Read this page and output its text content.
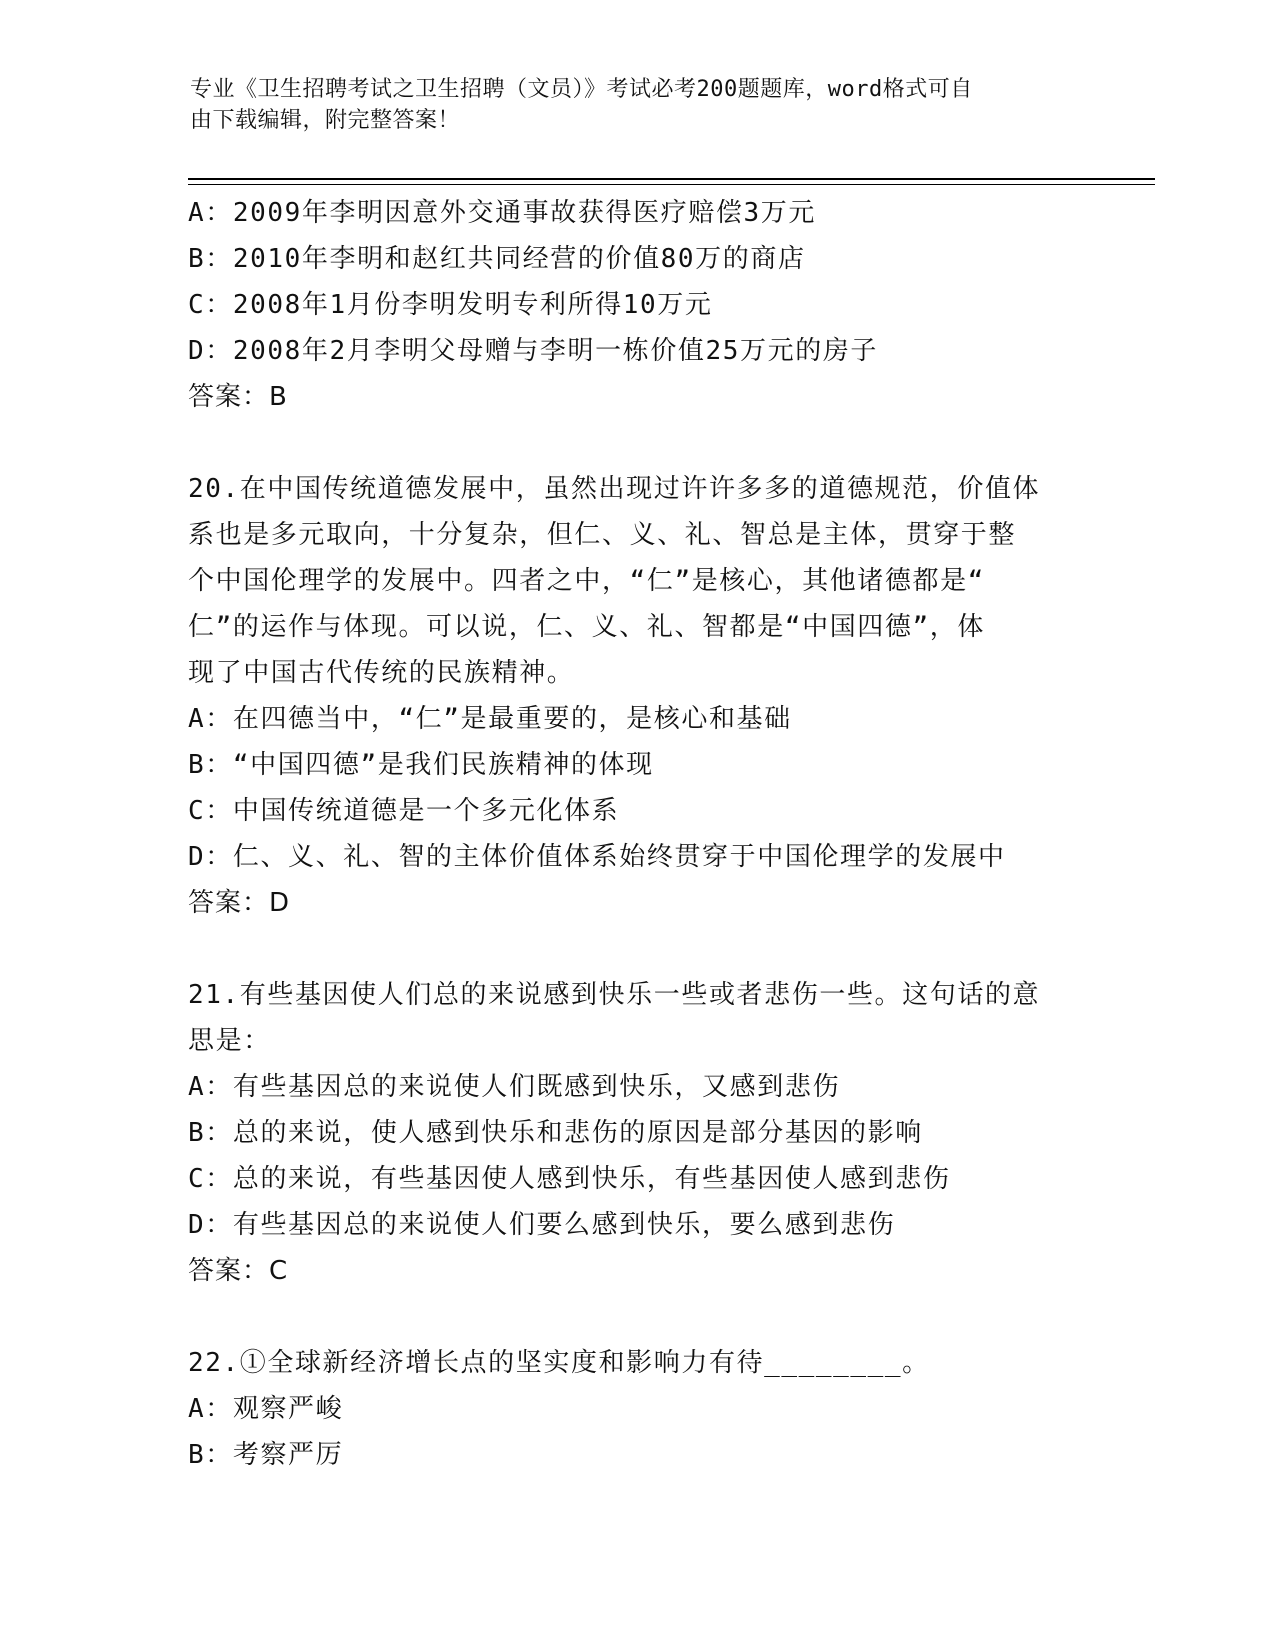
专业《卫生招聘考试之卫生招聘（文员）》考试必考200题题库，word格式可自
由下载编辑，附完整答案！
A：2009年李明因意外交通事故获得医疗赔偿3万元
B：2010年李明和赵红共同经营的价值80万的商店
C：2008年1月份李明发明专利所得10万元
D：2008年2月李明父母赠与李明一栋价值25万元的房子
答案：B
20.在中国传统道德发展中，虽然出现过许许多多的道德规范，价值体
系也是多元取向，十分复杂，但仁、义、礼、智总是主体，贯穿于整
个中国伦理学的发展中。四者之中，“仁”是核心，其他诸德都是“
仁”的运作与体现。可以说，仁、义、礼、智都是“中国四德”，体
现了中国古代传统的民族精神。
A：在四德当中，“仁”是最重要的，是核心和基础
B：“中国四德”是我们民族精神的体现
C：中国传统道德是一个多元化体系
D：仁、义、礼、智的主体价值体系始终贯穿于中国伦理学的发展中
答案：D
21.有些基因使人们总的来说感到快乐一些或者悲伤一些。这句话的意
思是：
A：有些基因总的来说使人们既感到快乐，又感到悲伤
B：总的来说，使人感到快乐和悲伤的原因是部分基因的影响
C：总的来说，有些基因使人感到快乐，有些基因使人感到悲伤
D：有些基因总的来说使人们要么感到快乐，要么感到悲伤
答案：C
22.①全球新经济增长点的坚实度和影响力有待________。
A：观察严峻
B：考察严厉
